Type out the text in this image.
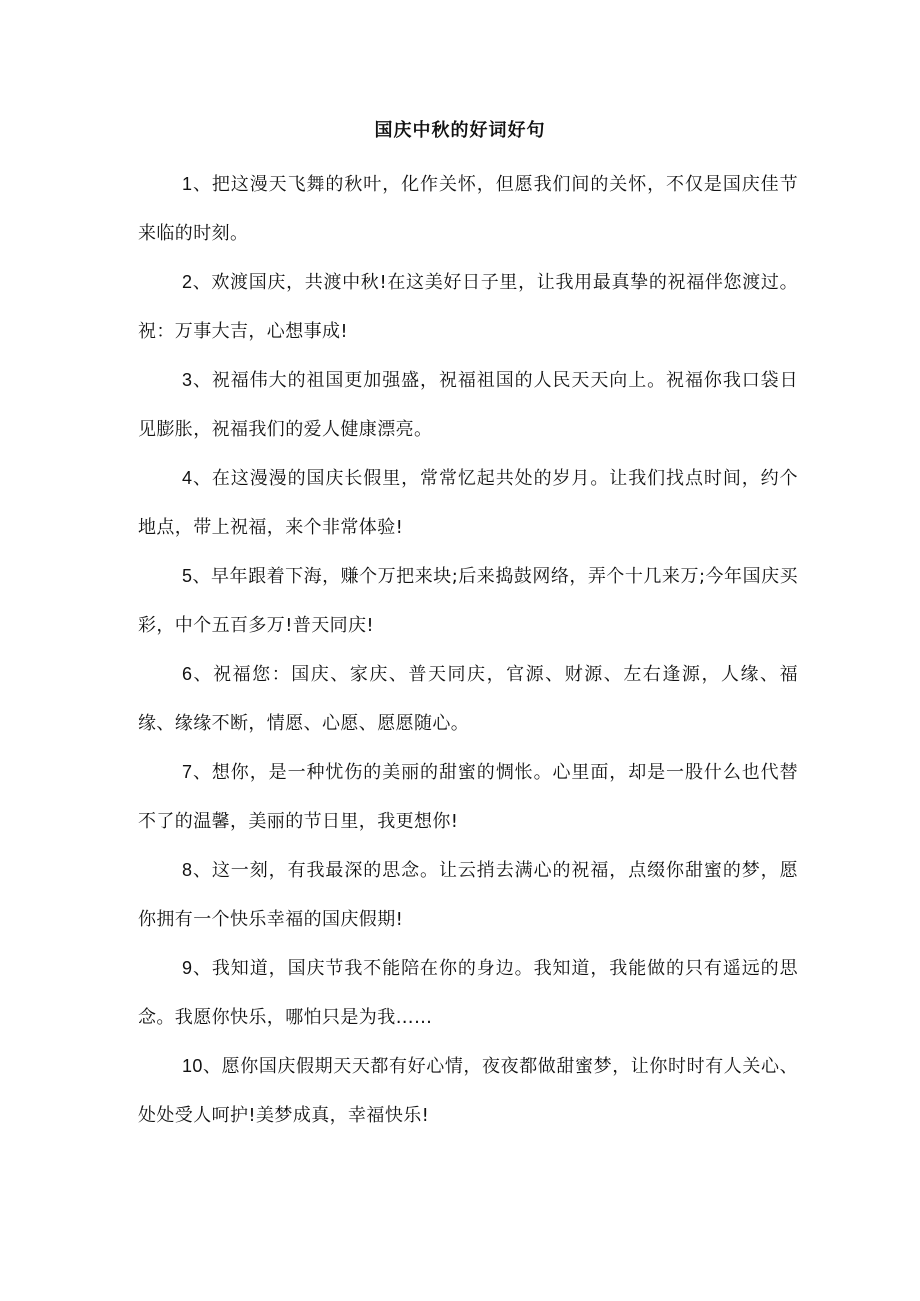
国庆中秋的好词好句

1、把这漫天飞舞的秋叶，化作关怀，但愿我们间的关怀，不仅是国庆佳节来临的时刻。

2、欢渡国庆，共渡中秋!在这美好日子里，让我用最真挚的祝福伴您渡过。祝：万事大吉，心想事成!

3、祝福伟大的祖国更加强盛，祝福祖国的人民天天向上。祝福你我口袋日见膨胀，祝福我们的爱人健康漂亮。

4、在这漫漫的国庆长假里，常常忆起共处的岁月。让我们找点时间，约个地点，带上祝福，来个非常体验!

5、早年跟着下海，赚个万把来块;后来捣鼓网络，弄个十几来万;今年国庆买彩，中个五百多万!普天同庆!

6、祝福您：国庆、家庆、普天同庆，官源、财源、左右逢源，人缘、福缘、缘缘不断，情愿、心愿、愿愿随心。

7、想你，是一种忧伤的美丽的甜蜜的惆怅。心里面，却是一股什么也代替不了的温馨，美丽的节日里，我更想你!

8、这一刻，有我最深的思念。让云捎去满心的祝福，点缀你甜蜜的梦，愿你拥有一个快乐幸福的国庆假期!

9、我知道，国庆节我不能陪在你的身边。我知道，我能做的只有遥远的思念。我愿你快乐，哪怕只是为我……

10、愿你国庆假期天天都有好心情，夜夜都做甜蜜梦，让你时时有人关心、处处受人呵护!美梦成真，幸福快乐!
